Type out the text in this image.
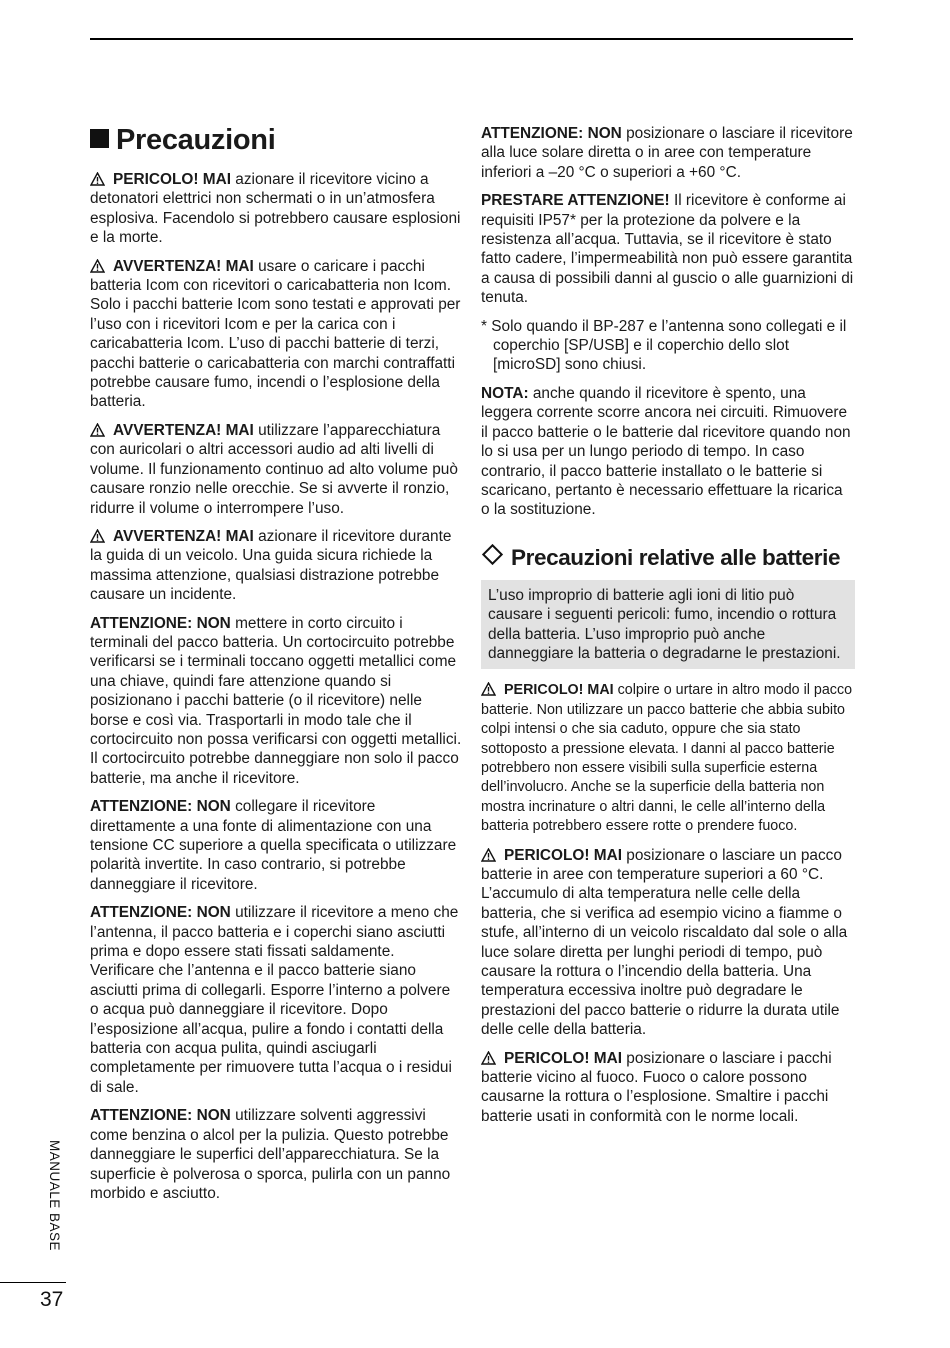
Precauzioni

PERICOLO! MAI azionare il ricevitore vicino a detonatori elettrici non schermati o in un’atmosfera esplosiva. Facendolo si potrebbero causare esplosioni e la morte.

AVVERTENZA! MAI usare o caricare i pacchi batteria Icom con ricevitori o caricabatteria non Icom. Solo i pacchi batterie Icom sono testati e approvati per l’uso con i ricevitori Icom e per la carica con i caricabatteria Icom. L’uso di pacchi batterie di terzi, pacchi batterie o caricabatteria con marchi contraffatti potrebbe causare fumo, incendi o l’esplosione della batteria.

AVVERTENZA! MAI utilizzare l’apparecchiatura con auricolari o altri accessori audio ad alti livelli di volume. Il funzionamento continuo ad alto volume può causare ronzio nelle orecchie. Se si avverte il ronzio, ridurre il volume o interrompere l’uso.

AVVERTENZA! MAI azionare il ricevitore durante la guida di un veicolo. Una guida sicura richiede la massima attenzione, qualsiasi distrazione potrebbe causare un incidente.

ATTENZIONE: NON mettere in corto circuito i terminali del pacco batteria. Un cortocircuito potrebbe verificarsi se i terminali toccano oggetti metallici come una chiave, quindi fare attenzione quando si posizionano i pacchi batterie (o il ricevitore) nelle borse e così via. Trasportarli in modo tale che il cortocircuito non possa verificarsi con oggetti metallici. Il cortocircuito potrebbe danneggiare non solo il pacco batterie, ma anche il ricevitore.

ATTENZIONE: NON collegare il ricevitore direttamente a una fonte di alimentazione con una tensione CC superiore a quella specificata o utilizzare polarità invertite. In caso contrario, si potrebbe danneggiare il ricevitore.

ATTENZIONE: NON utilizzare il ricevitore a meno che l’antenna, il pacco batteria e i coperchi siano asciutti prima e dopo essere stati fissati saldamente. Verificare che l’antenna e il pacco batterie siano asciutti prima di collegarli. Esporre l’interno a polvere o acqua può danneggiare il ricevitore. Dopo l’esposizione all’acqua, pulire a fondo i contatti della batteria con acqua pulita, quindi asciugarli completamente per rimuovere tutta l’acqua o i residui di sale.

ATTENZIONE: NON utilizzare solventi aggressivi come benzina o alcol per la pulizia. Questo potrebbe danneggiare le superfici dell’apparecchiatura. Se la superficie è polverosa o sporca, pulirla con un panno morbido e asciutto.

ATTENZIONE: NON posizionare o lasciare il ricevitore alla luce solare diretta o in aree con temperature inferiori a –20 °C o superiori a +60 °C.

PRESTARE ATTENZIONE! Il ricevitore è conforme ai requisiti IP57* per la protezione da polvere e la resistenza all’acqua. Tuttavia, se il ricevitore è stato fatto cadere, l’impermeabilità non può essere garantita a causa di possibili danni al guscio o alle guarnizioni di tenuta.

* Solo quando il BP-287 e l’antenna sono collegati e il coperchio [SP/USB] e il coperchio dello slot [microSD] sono chiusi.

NOTA: anche quando il ricevitore è spento, una leggera corrente scorre ancora nei circuiti. Rimuovere il pacco batterie o le batterie dal ricevitore quando non lo si usa per un lungo periodo di tempo. In caso contrario, il pacco batterie installato o le batterie si scaricano, pertanto è necessario effettuare la ricarica o la sostituzione.

Precauzioni relative alle batterie
L’uso improprio di batterie agli ioni di litio può causare i seguenti pericoli: fumo, incendio o rottura della batteria. L’uso improprio può anche danneggiare la batteria o degradarne le prestazioni.

PERICOLO! MAI colpire o urtare in altro modo il pacco batterie. Non utilizzare un pacco batterie che abbia subito colpi intensi o che sia caduto, oppure che sia stato sottoposto a pressione elevata. I danni al pacco batterie potrebbero non essere visibili sulla superficie esterna dell’involucro. Anche se la superficie della batteria non mostra incrinature o altri danni, le celle all’interno della batteria potrebbero essere rotte o prendere fuoco.

PERICOLO! MAI posizionare o lasciare un pacco batterie in aree con temperature superiori a 60 °C. L’accumulo di alta temperatura nelle celle della batteria, che si verifica ad esempio vicino a fiamme o stufe, all’interno di un veicolo riscaldato dal sole o alla luce solare diretta per lunghi periodi di tempo, può causare la rottura o l’incendio della batteria. Una temperatura eccessiva inoltre può degradare le prestazioni del pacco batterie o ridurre la durata utile delle celle della batteria.

PERICOLO! MAI posizionare o lasciare i pacchi batterie vicino al fuoco. Fuoco o calore possono causarne la rottura o l’esplosione. Smaltire i pacchi batterie usati in conformità con le norme locali.

MANUALE BASE
37
